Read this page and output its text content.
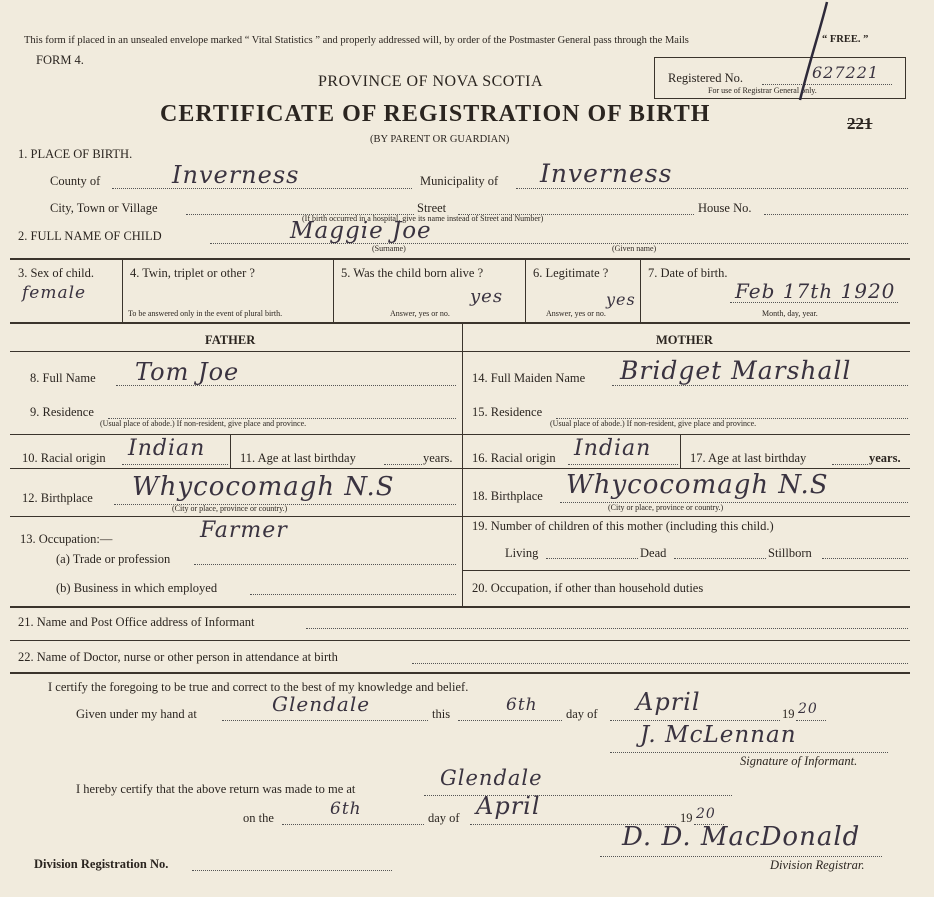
This form if placed in an unsealed envelope marked “ Vital Statistics ” and properly addressed will, by order of the Postmaster General pass through the Mails	“ FREE. ”
FORM 4.
PROVINCE OF NOVA SCOTIA
CERTIFICATE OF REGISTRATION OF BIRTH
(BY PARENT OR GUARDIAN)
Registered No.	627221
For use of Registrar General only.
221
1. PLACE OF BIRTH.
County of	Inverness	Municipality of Inverness
City, Town or Village	Street	House No.
(If birth occurred in a hospital, give its name instead of Street and Number)
2. FULL NAME OF CHILD	Maggie Joe
(Surname)	(Given name)
3. Sex of child.
female
4. Twin, triplet or other ?
To be answered only in the event of plural birth.
5. Was the child born alive ?
yes
Answer, yes or no.
6. Legitimate ?
yes
Answer, yes or no.
7. Date of birth.
Feb 17th 1920
Month, day, year.
FATHER	MOTHER
8. Full Name Tom Joe
9. Residence
(Usual place of abode.) If non-resident, give place and province.
10. Racial origin Indian	11. Age at last birthday	years.
12. Birthplace Whycocomagh N.S
(City or place, province or country.)
13. Occupation:—	Farmer
(a) Trade or profession
(b) Business in which employed
14. Full Maiden Name Bridget Marshall
15. Residence
(Usual place of abode.) If non-resident, give place and province.
16. Racial origin Indian	17. Age at last birthday	years.
18. Birthplace Whycocomagh N.S
(City or place, province or country.)
19. Number of children of this mother (including this child.)
Living	Dead	Stillborn
20. Occupation, if other than household duties
21. Name and Post Office address of Informant
22. Name of Doctor, nurse or other person in attendance at birth
I certify the foregoing to be true and correct to the best of my knowledge and belief.
Given under my hand at	Glendale	this	6th day of April	19 20
J. McLennan
Signature of Informant.
I hereby certify that the above return was made to me at	Glendale
on the	6th	day of April	19 20
Division Registration No.
D. D. MacDonald
Division Registrar.
